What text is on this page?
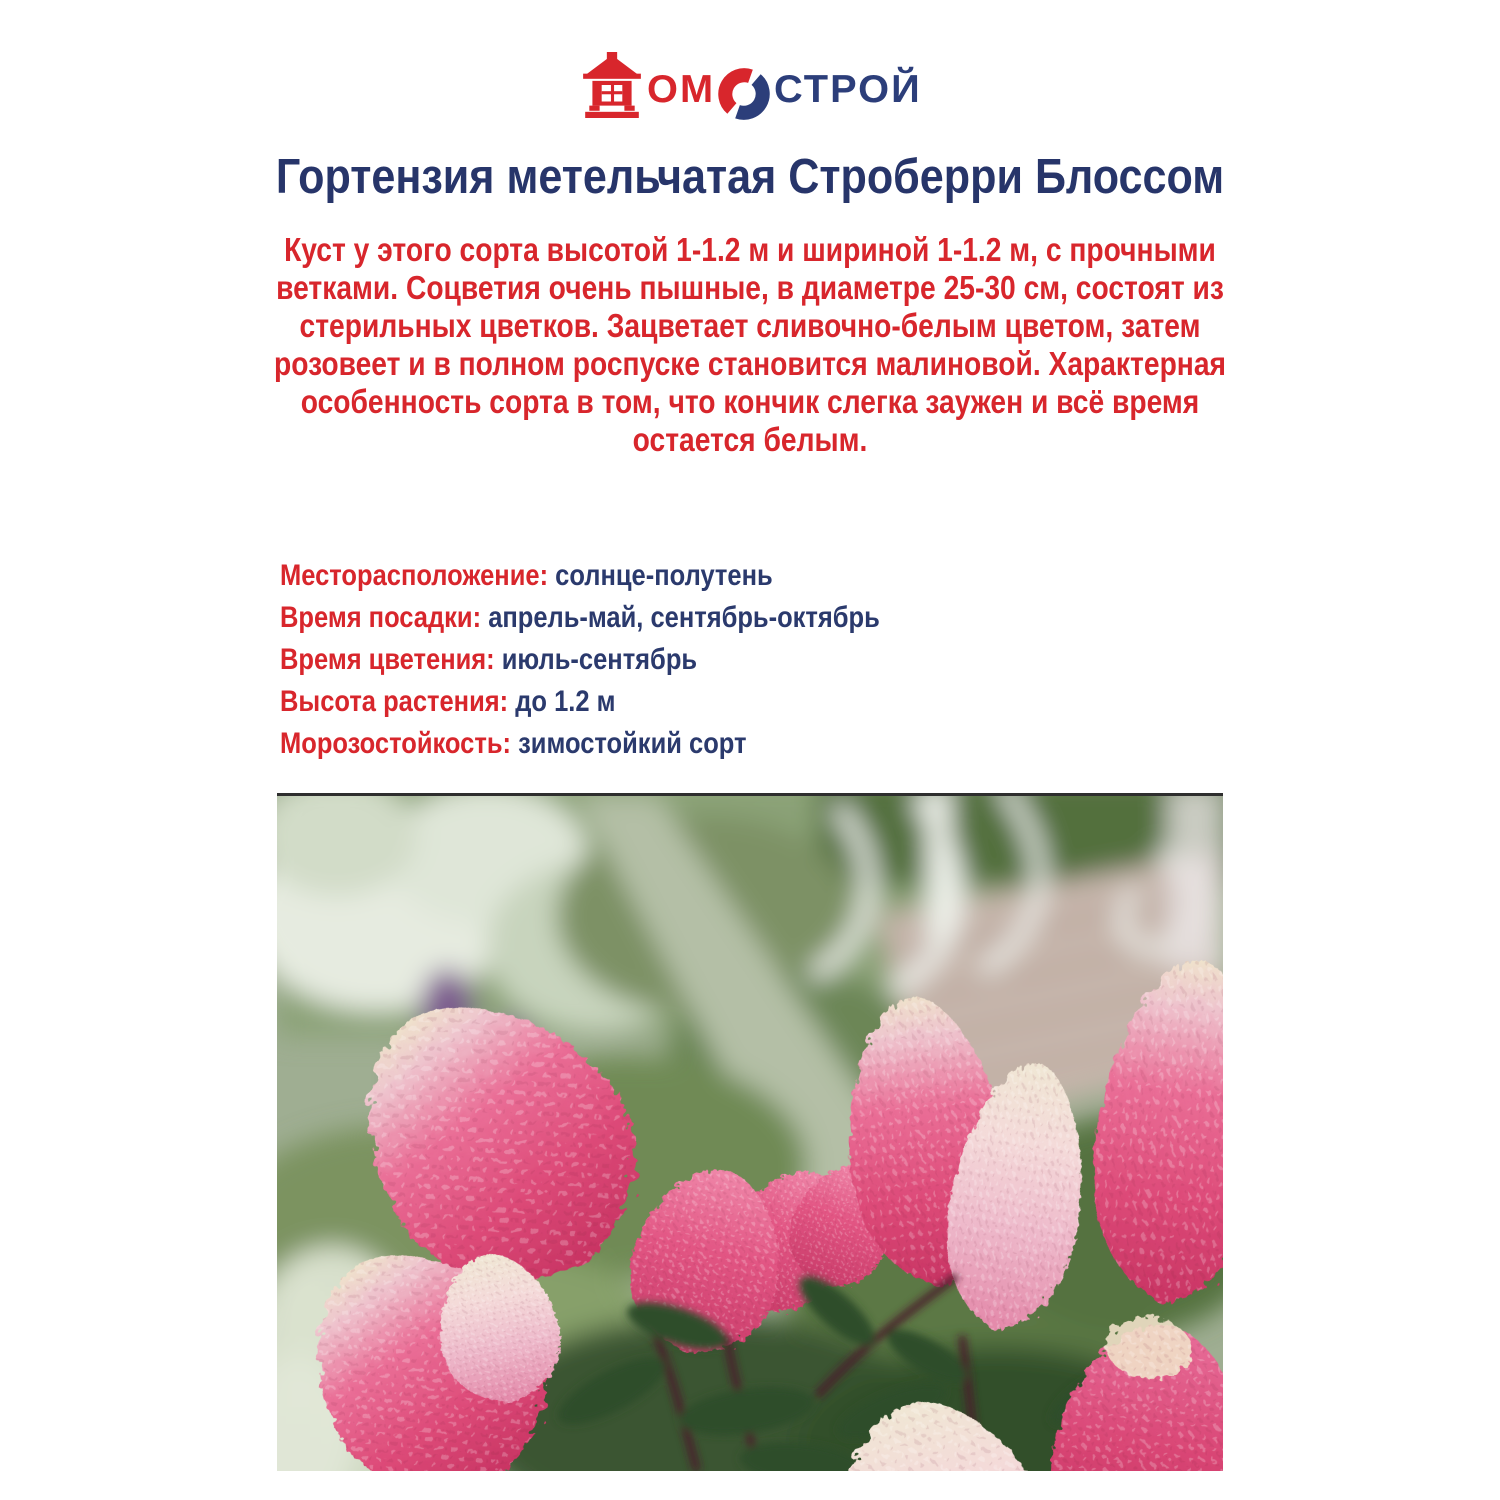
ОМ СТРОЙ
Гортензия метельчатая Строберри Блоссом
Куст у этого сорта высотой 1-1.2 м и шириной 1-1.2 м, с прочными ветками. Соцветия очень пышные, в диаметре 25-30 см, состоят из стерильных цветков. Зацветает сливочно-белым цветом, затем розовеет и в полном роспуске становится малиновой. Характерная особенность сорта в том, что кончик слегка заужен и всё время остается белым.
Месторасположение: солнце-полутень
Время посадки: апрель-май, сентябрь-октябрь
Время цветения: июль-сентябрь
Высота растения: до 1.2 м
Морозостойкость: зимостойкий сорт
